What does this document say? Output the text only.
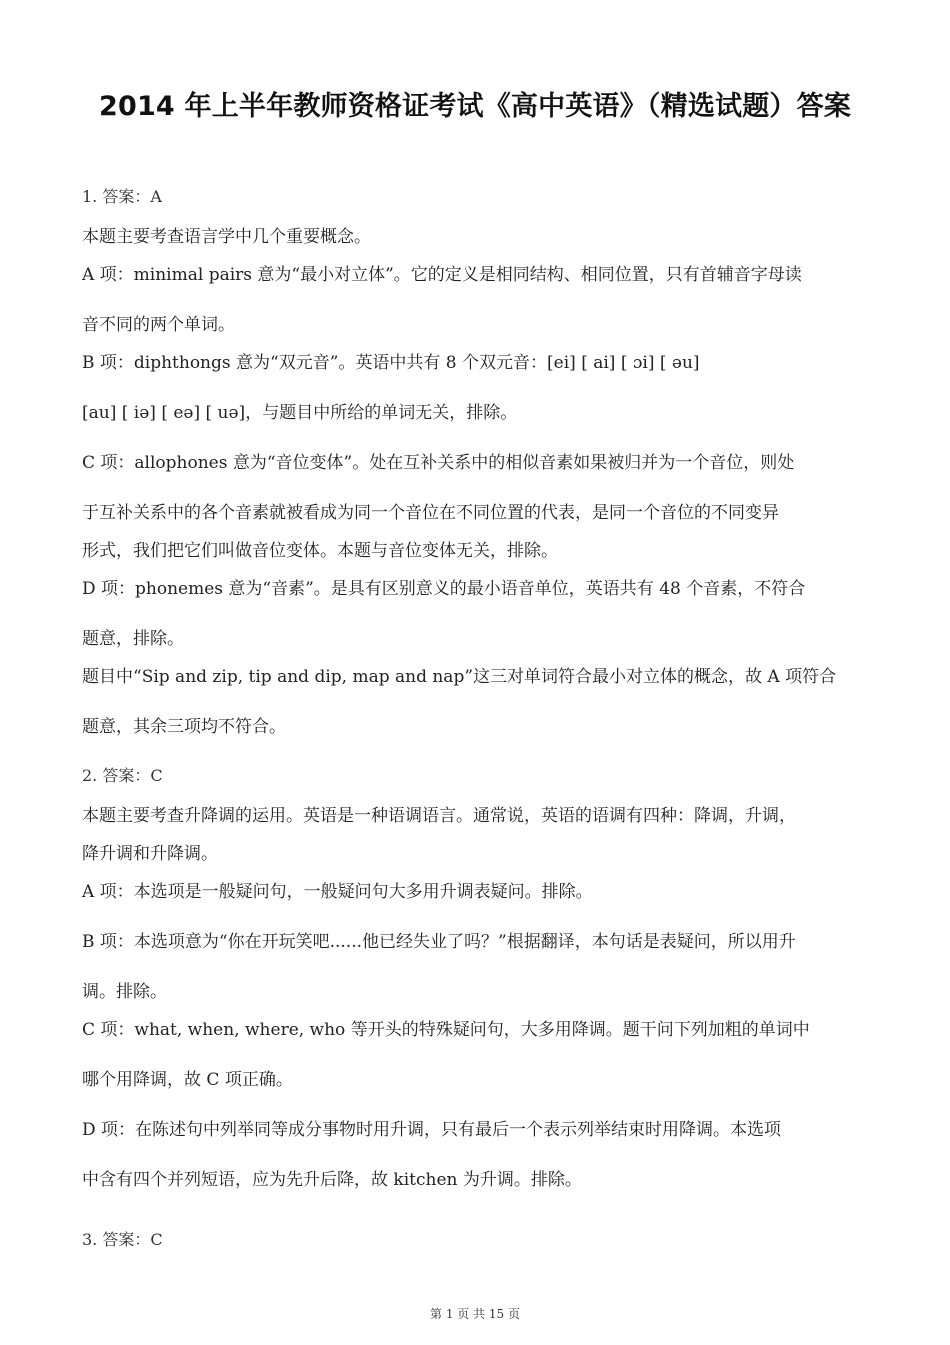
2014 年上半年教师资格证考试《高中英语》（精选试题）答案
1. 答案：A
本题主要考查语言学中几个重要概念。
A 项：minimal pairs 意为“最小对立体”。它的定义是相同结构、相同位置，只有首辅音字母读
音不同的两个单词。
B 项：diphthongs 意为“双元音”。英语中共有 8 个双元音：[ei] [ ai] [ ɔi] [ əu]
[au] [ iə] [ eə] [ uə]，与题目中所给的单词无关，排除。
C 项：allophones 意为“音位变体”。处在互补关系中的相似音素如果被归并为一个音位，则处
于互补关系中的各个音素就被看成为同一个音位在不同位置的代表，是同一个音位的不同变异
形式，我们把它们叫做音位变体。本题与音位变体无关，排除。
D 项：phonemes 意为“音素”。是具有区别意义的最小语音单位，英语共有 48 个音素，不符合
题意，排除。
题目中“Sip and zip, tip and dip, map and nap”这三对单词符合最小对立体的概念，故 A 项符合
题意，其余三项均不符合。
2. 答案：C
本题主要考查升降调的运用。英语是一种语调语言。通常说，英语的语调有四种：降调，升调，
降升调和升降调。
A 项：本选项是一般疑问句，一般疑问句大多用升调表疑问。排除。
B 项：本选项意为“你在开玩笑吧......他已经失业了吗？”根据翻译，本句话是表疑问，所以用升
调。排除。
C 项：what, when, where, who 等开头的特殊疑问句，大多用降调。题干问下列加粗的单词中
哪个用降调，故 C 项正确。
D 项：在陈述句中列举同等成分事物时用升调，只有最后一个表示列举结束时用降调。本选项
中含有四个并列短语，应为先升后降，故 kitchen 为升调。排除。
3. 答案：C
第 1 页 共 15 页
